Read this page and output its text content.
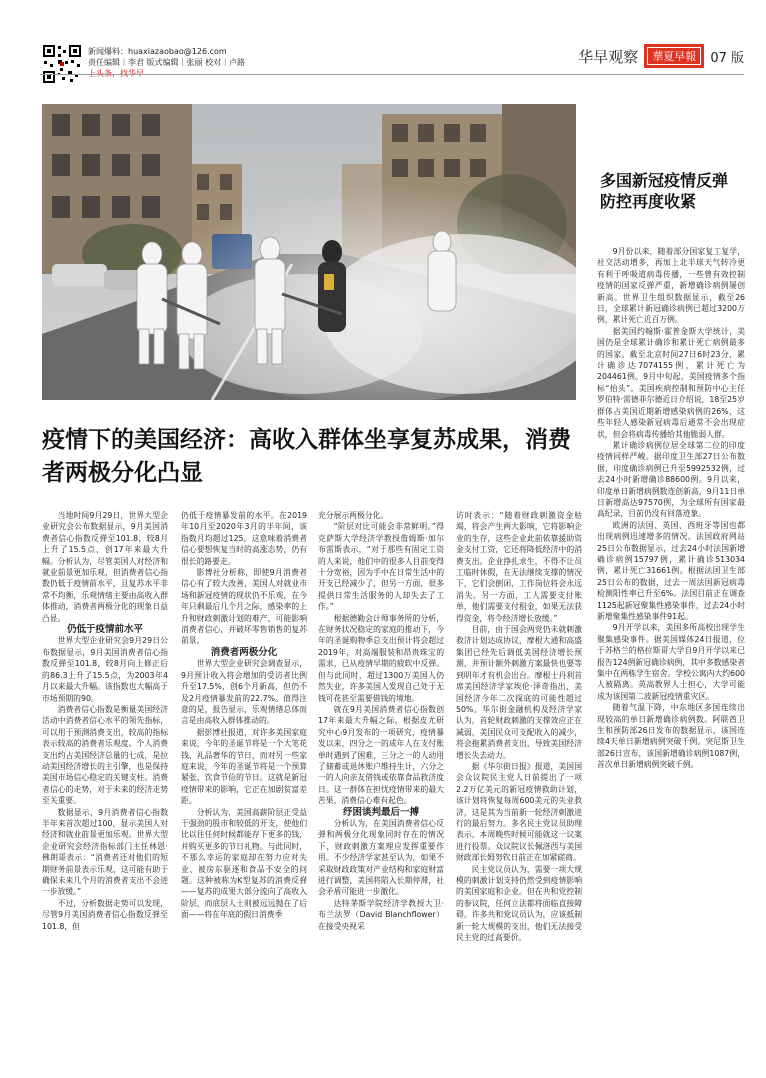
新闻爆料：huaxiazaobao@126.com
责任编辑｜李君 版式编辑｜张丽 校对｜卢路	华早观察	華夏早報	07 版
多国新冠疫情反弹 防控再度收紧
疫情下的美国经济：高收入群体坐享复苏成果，消费者两极分化凸显

当地时间9月29日，世界大型企业研究会公布数据显示，9月美国消费者信心指数反弹至101.8，较8月上升了15.5点，创17年来最大升幅。分析认为，尽管美国人对经济和就业前景更加乐观，但消费者信心指数仍低于疫情前水平，且复苏水平非常不均衡，乐观情绪主要由高收入群体推动，消费者两极分化的现象日益凸显。

仍低于疫情前水平

世界大型企业研究会9月29日公布数据显示，9月美国消费者信心指数反弹至101.8，较8月向上修正后的86.3上升了15.5点，为2003年4月以来最大升幅。该指数也大幅高于市场预期的90。

消费者信心指数是衡量美国经济活动中消费者信心水平的领先指标，可以用于预测消费支出，较高的指标表示较高的消费者乐观度。个人消费支出约占美国经济总量的七成，是拉动美国经济增长的主引擎，也是保持美国市场信心稳定的关键支柱。消费者信心的走势，对于未来的经济走势至关重要。

数据显示，9月消费者信心指数半年来首次超过100，显示美国人对经济和就业前景更加乐观。世界大型企业研究会经济指标部门主任林恩·佛朗哥表示：“消费者还对他们的短期财务前景表示乐观，这可能有助于确保未来几个月的消费者支出不会进一步放缓。”

不过，分析数据走势可以发现，尽管9月美国消费者信心指数反弹至101.8，但

仍低于疫情暴发前的水平。在2019年10月至2020年3月的半年间，该指数月均超过125，这意味着消费者信心要想恢复当时的高涨态势，仍有很长的路要走。

影博社分析称，即使9月消费者信心有了较大改善，美国人对就业市场和新冠疫情的现状仍不乐观，在今年只剩最后几个月之际，感染率的上升和财政刺激计划的难产，可能影响消费者信心，并破坏零售销售的复苏前景。

消费者两极分化

世界大型企业研究会调查显示，9月预计收入将会增加的受访者比例升至17.5%，创6个月新高，但仍不及2月疫情暴发前的22.7%。值得注意的是，报告显示，乐观情绪总体而言是由高收入群体推动的。

据彭博社报道，对许多美国家庭来说，今年的圣诞节将是一个大笔花钱、礼品奢华的节日，而对另一些家庭来说，今年的圣诞节将是一个预算紧张、饮食节俭的节日。这就是新冠疫情带来的影响，它正在加剧贫富差距。

分析认为，美国高薪阶层正受益于强劲的股市和较低的开支，使他们比以往任何时候都能存下更多的钱，并购买更多的节日礼物。与此同时，不那么幸运的家庭却在努力应对失业、被房东驱逐和食品不安全的问题。这种被称为K型复苏的消费反弹——复苏的成果大部分流向了高收入阶层，而底层人士则被远远抛在了后面——将在年底的假日消费季

充分展示两极分化。

“阶层对比可能会非常鲜明。”得克萨斯大学经济学教授詹姆斯·加尔布雷斯表示，“对于那些有固定工资的人来说，他们中的很多人目前变得十分宽裕，因为手中在日常生活中的开支已经减少了，但另一方面，很多提供日常生活服务的人却失去了工作。”

根据德勤会计师事务所的分析，在财务状况稳定的家庭的推动下，今年的圣诞购物季总支出预计将会超过2019年，对高端服装和昂贵珠宝的需求，已从疫情早期的疲软中反弹。但与此同时，超过1300万美国人仍然失业，许多美国人发现自己处于无钱可花甚至需要借钱的境地。

就在9月美国消费者信心指数创17年来最大升幅之际，根据皮尤研究中心9月发布的一项研究，疫情暴发以来，四分之一的成年人在支付账单时遇到了困难，三分之一的人动用了储蓄或退休账户维持生计，六分之一的人向亲友借钱或依靠食品救济度日。这一群体在担忧疫情带来的最大苦果，消费信心难有起色。

纾困谈判最后一搏

分析认为，在美国消费者信心反弹和两极分化现象同时存在的情况下，财政刺激方案理应发挥重要作用。不少经济学家甚至认为，如果不采取财政政策对产业结构和家庭财富进行调整，美国将陷入长期停滞，社会矛盾可能进一步激化。

达特茅斯学院经济学教授大卫·布兰法罗（David Blanchflower）在接受央视采

访时表示：“随着财政刺激资金枯竭，将会产生两大影响，它将影响企业的生存，这些企业此前依靠援助资金支付工资，它还将降低经济中的消费支出。企业挣扎求生，不得不让员工临时休假，在无法继续支撑的情况下，它们会倒闭，工作岗位将会永远消失。另一方面，工人需要支付账单，他们需要支付租金，如果无法获得资金，将令经济增长放缓。”

目前，由于国会两党仍未就刺激救济计划达成协议，摩根大通和高盛集团已经先后调低美国经济增长预测，并预计额外刺激方案最快也要等到明年才有机会出台。摩根士丹利首席美国经济学家埃伦·泽奇指出，美国经济今年二次探底的可能性超过50%。华尔街金融机构及经济学家认为，首轮财政刺激的支撑效应正在减弱，美国民众可支配收入的减少，将会拖累消费者支出，导致美国经济增长失去动力。

据《华尔街日报》报道，美国国会众议院民主党人日前提出了一项2.2万亿美元的新冠疫情救助计划，该计划将恢复每周600美元的失业救济，这是其为当前新一轮经济刺激进行的最后努力。多名民主党议员助理表示，本周晚些时候可能就这一议案进行投票。众议院议长佩洛西与美国财政部长姆努钦日前正在加紧磋商。

民主党议员认为，需要一项大规模的刺激计划支持仍然受到疫情影响的美国家庭和企业。但在共和党控制的参议院，任何立法都将面临直接障碍。许多共和党议员认为，应该抵制新一轮大规模的支出，他们无法接受民主党的过高要价。

9月份以来，随着部分国家复工复学，社交活动增多，再加上北半球天气转冷更有利于呼吸道病毒传播，一些曾有效控制疫情的国家反弹严重，新增确诊病例屡创新高。世界卫生组织数据显示，截至26日，全球累计新冠确诊病例已超过3200万例，累计死亡近百万例。

据美国约翰斯·霍普金斯大学统计，美国仍是全球累计确诊和累计死亡病例最多的国家。截至北京时间27日6时23分，累计确诊达7074155例，累计死亡为204461例。9月中旬起，美国疫情多个指标“抬头”。美国疾病控制和预防中心主任罗伯特·雷德菲尔德近日介绍说，18至25岁群体占美国近期新增感染病例的26%，这些年轻人感染新冠病毒后通常不会出现症状，但会将病毒传播给其他脆弱人群。

累计确诊病例位居全球第二位的印度疫情同样严峻。据印度卫生部27日公布数据，印度确诊病例已升至5992532例，过去24小时新增确诊88600例。9月以来，印度单日新增病例数连创新高，9月11日单日新增高达97570例，为全球所有国家最高纪录，目前仍没有回落迹象。

欧洲的法国、英国、西班牙等国也都出现病例迅速增多的情况。法国政府网站25日公布数据显示，过去24小时法国新增确诊病例15797例，累计确诊513034例，累计死亡31661例。根据法国卫生部25日公布的数据，过去一周法国新冠病毒检测阳性率已升至6%。法国目前正在调查1125起新冠聚集性感染事件，过去24小时新增聚集性感染事件91起。

9月开学以来，美国多所高校出现学生聚集感染事件。据美国媒体24日报道，位于苏格兰的格拉斯哥大学自9月开学以来已报告124例新冠确诊病例，其中多数感染者集中在两栋学生宿舍。学校公寓内大约600人被隔离。英高教界人士担心，大学可能成为该国第二波新冠疫情重灾区。

随着气温下降，中东地区多国连续出现较高的单日新增确诊病例数。阿联酋卫生和预防部26日发布的数据显示，该国连续4天单日新增病例突破千例。突尼斯卫生部26日宣布，该国新增确诊病例1087例，首次单日新增病例突破千例。
